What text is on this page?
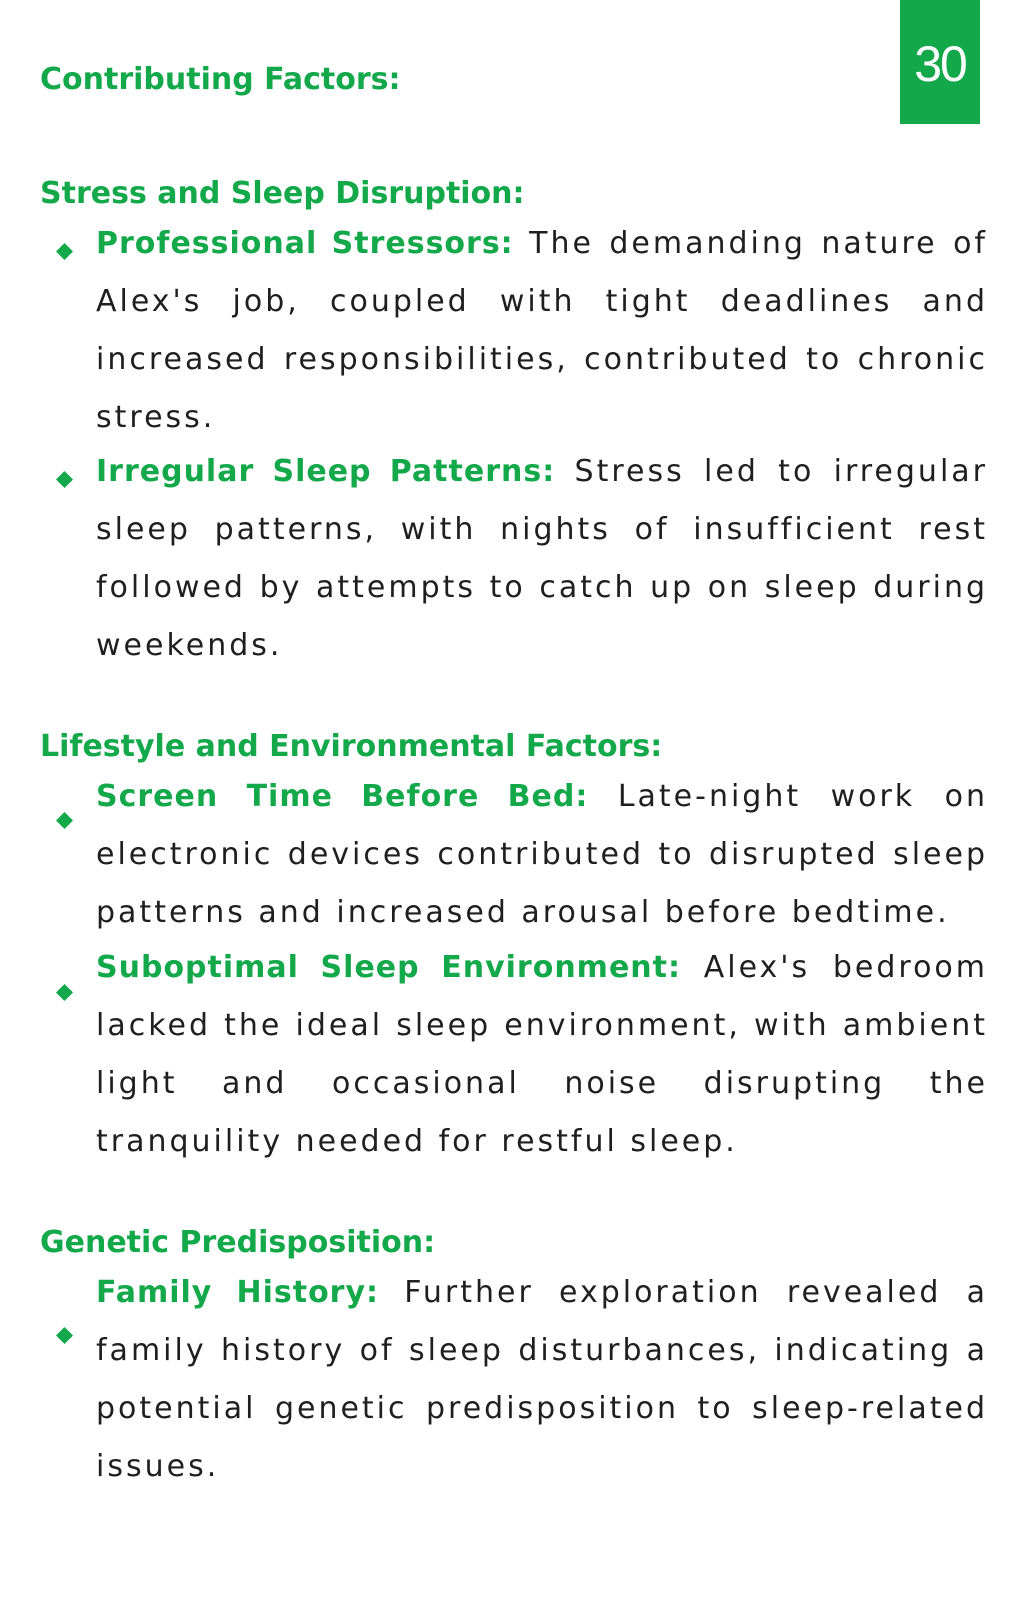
30
Contributing Factors:
Stress and Sleep Disruption:

Professional Stressors: The demanding nature of Alex's job, coupled with tight deadlines and increased responsibilities, contributed to chronic stress.

Irregular Sleep Patterns: Stress led to irregular sleep patterns, with nights of insufficient rest followed by attempts to catch up on sleep during weekends.

Lifestyle and Environmental Factors:

Screen Time Before Bed: Late-night work on electronic devices contributed to disrupted sleep patterns and increased arousal before bedtime.

Suboptimal Sleep Environment: Alex's bedroom lacked the ideal sleep environment, with ambient light and occasional noise disrupting the tranquility needed for restful sleep.

Genetic Predisposition:

Family History: Further exploration revealed a family history of sleep disturbances, indicating a potential genetic predisposition to sleep-related issues.
